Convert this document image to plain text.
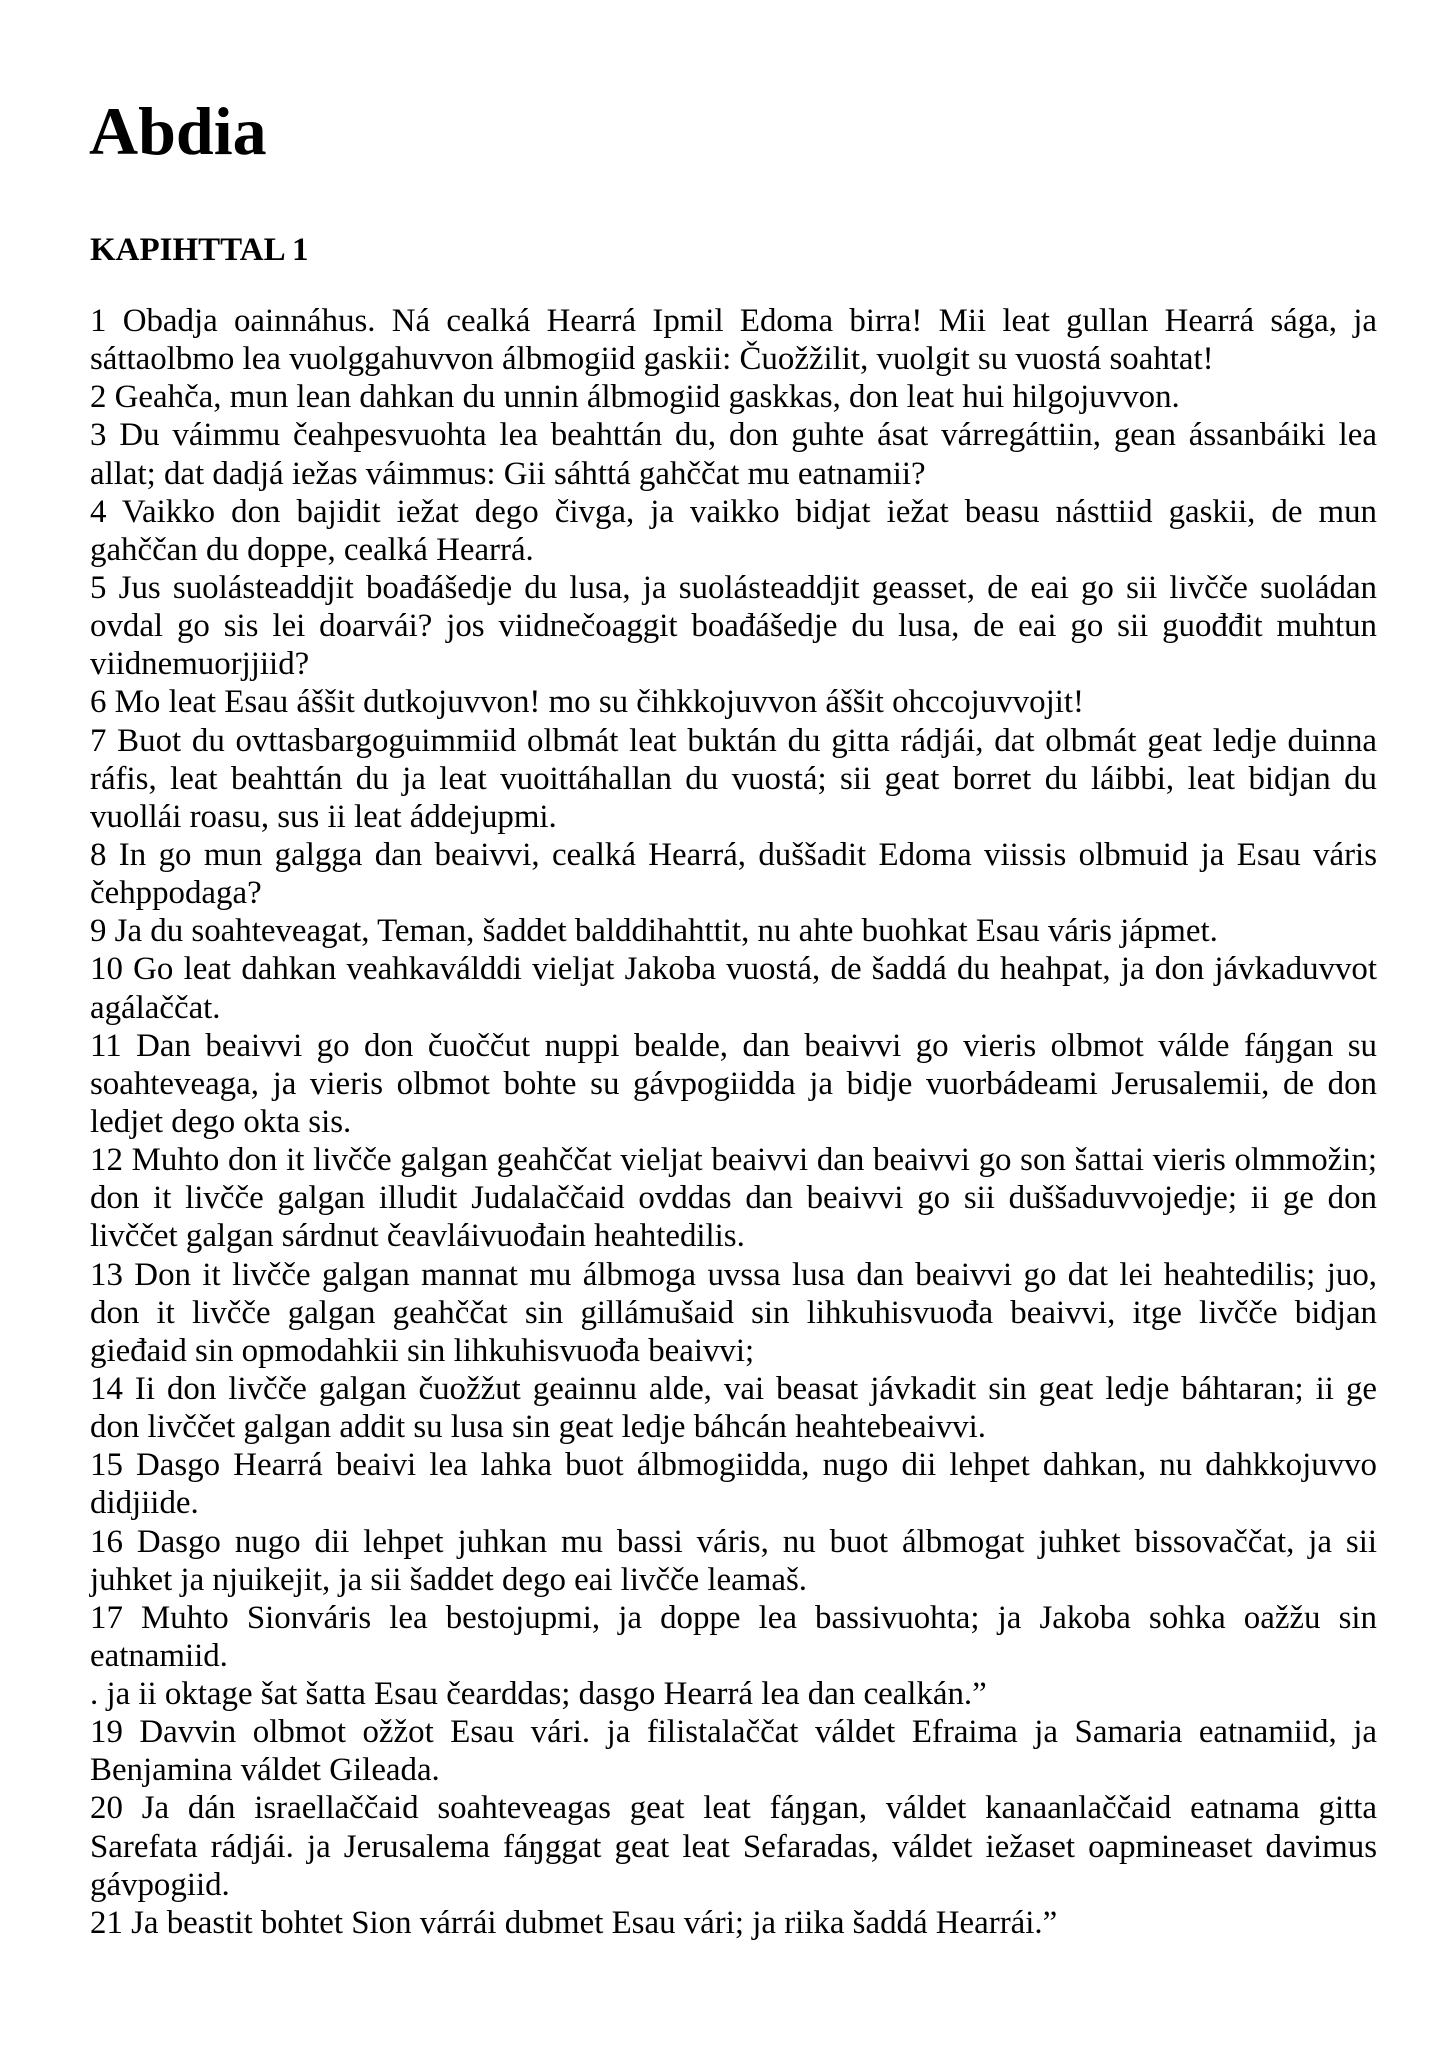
Abdia
KAPIHTTAL 1
1 Obadja oainnáhus. Ná cealká Hearrá Ipmil Edoma birra! Mii leat gullan Hearrá sága, ja
sáttaolbmo lea vuolggahuvvon álbmogiid gaskii: Čuožžilit, vuolgit su vuostá soahtat!
2 Geahča, mun lean dahkan du unnin álbmogiid gaskkas, don leat hui hilgojuvvon.
3 Du váimmu čeahpesvuohta lea beahttán du, don guhte ásat várregáttiin, gean ássanbáiki lea
allat; dat dadjá iežas váimmus: Gii sáhttá gahččat mu eatnamii?
4 Vaikko don bajidit iežat dego čivga, ja vaikko bidjat iežat beasu násttiid gaskii, de mun
gahččan du doppe, cealká Hearrá.
5 Jus suolásteaddjit boađášedje du lusa, ja suolásteaddjit geasset, de eai go sii livčče suoládan
ovdal go sis lei doarvái? jos viidnečoaggit boađášedje du lusa, de eai go sii guođđit muhtun
viidnemuorjjiid?
6 Mo leat Esau áššit dutkojuvvon! mo su čihkkojuvvon áššit ohccojuvvojit!
7 Buot du ovttasbargoguimmiid olbmát leat buktán du gitta rádjái, dat olbmát geat ledje duinna
ráfis, leat beahttán du ja leat vuoittáhallan du vuostá; sii geat borret du láibbi, leat bidjan du
vuollái roasu, sus ii leat áddejupmi.
8 In go mun galgga dan beaivvi, cealká Hearrá, duššadit Edoma viissis olbmuid ja Esau váris
čehppodaga?
9 Ja du soahteveagat, Teman, šaddet balddihahttit, nu ahte buohkat Esau váris jápmet.
10 Go leat dahkan veahkaválddi vieljat Jakoba vuostá, de šaddá du heahpat, ja don jávkaduvvot
agálaččat.
11 Dan beaivvi go don čuoččut nuppi bealde, dan beaivvi go vieris olbmot válde fáŋgan su
soahteveaga, ja vieris olbmot bohte su gávpogiidda ja bidje vuorbádeami Jerusalemii, de don
ledjet dego okta sis.
12 Muhto don it livčče galgan geahččat vieljat beaivvi dan beaivvi go son šattai vieris olmmožin;
don it livčče galgan illudit Judalaččaid ovddas dan beaivvi go sii duššaduvvojedje; ii ge don
livččet galgan sárdnut čeavláivuođain heahtedilis.
13 Don it livčče galgan mannat mu álbmoga uvssa lusa dan beaivvi go dat lei heahtedilis; juo,
don it livčče galgan geahččat sin gillámušaid sin lihkuhisvuođa beaivvi, itge livčče bidjan
gieđaid sin opmodahkii sin lihkuhisvuođa beaivvi;
14 Ii don livčče galgan čuožžut geainnu alde, vai beasat jávkadit sin geat ledje báhtaran; ii ge
don livččet galgan addit su lusa sin geat ledje báhcán heahtebeaivvi.
15 Dasgo Hearrá beaivi lea lahka buot álbmogiidda, nugo dii lehpet dahkan, nu dahkkojuvvo
didjiide.
16 Dasgo nugo dii lehpet juhkan mu bassi váris, nu buot álbmogat juhket bissovaččat, ja sii
juhket ja njuikejit, ja sii šaddet dego eai livčče leamaš.
17 Muhto Sionváris lea bestojupmi, ja doppe lea bassivuohta; ja Jakoba sohka oažžu sin
eatnamiid.
. ja ii oktage šat šatta Esau čearddas; dasgo Hearrá lea dan cealkán.”
19 Davvin olbmot ožžot Esau vári. ja filistalaččat váldet Efraima ja Samaria eatnamiid, ja
Benjamina váldet Gileada.
20 Ja dán israellaččaid soahteveagas geat leat fáŋgan, váldet kanaanlaččaid eatnama gitta
Sarefata rádjái. ja Jerusalema fáŋggat geat leat Sefaradas, váldet iežaset oapmineaset davimus
gávpogiid.
21 Ja beastit bohtet Sion várrái dubmet Esau vári; ja riika šaddá Hearrái.”
